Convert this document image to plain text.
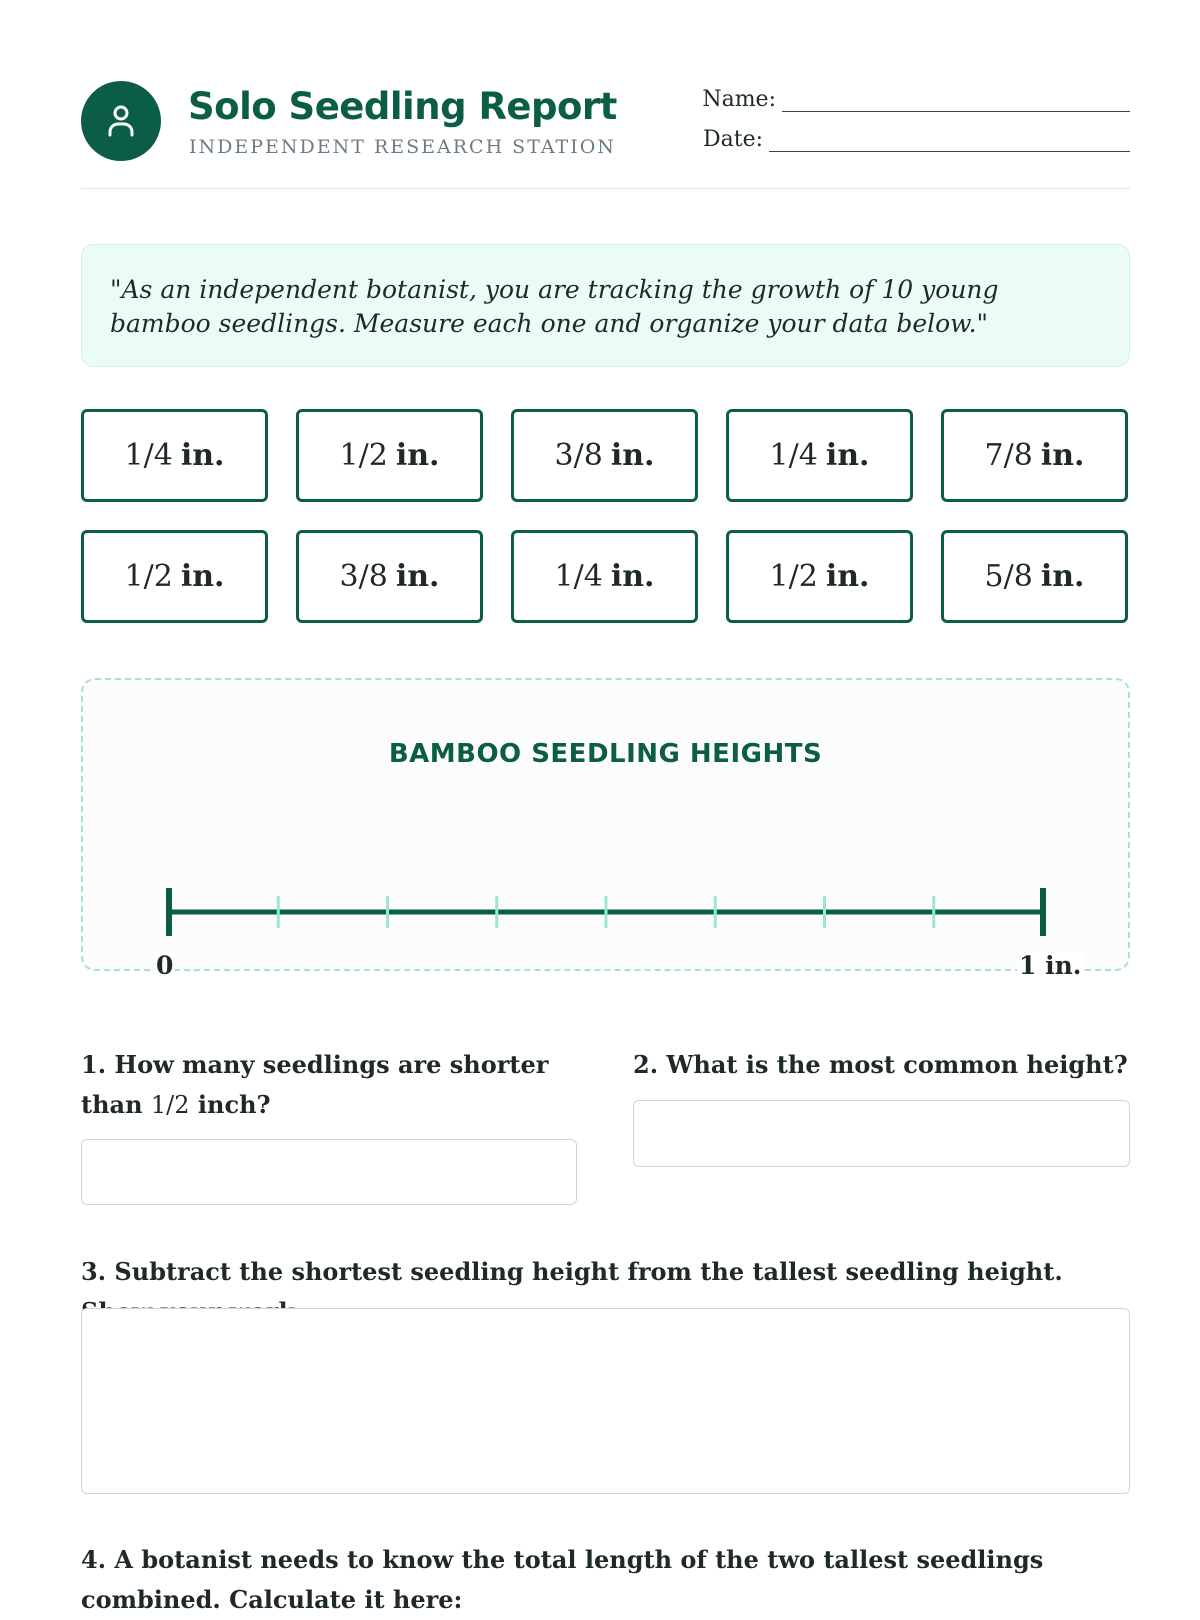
Solo Seedling Report
INDEPENDENT RESEARCH STATION
Name:
Date:
"As an independent botanist, you are tracking the growth of 10 young bamboo seedlings. Measure each one and organize your data below."
1/4 in.	1/2 in.	3/8 in.	1/4 in.	7/8 in.
1/2 in.	3/8 in.	1/4 in.	1/2 in.	5/8 in.
BAMBOO SEEDLING HEIGHTS
0	1 in.
1. How many seedlings are shorter than 1/2 inch?
2. What is the most common height?
3. Subtract the shortest seedling height from the tallest seedling height.
4. A botanist needs to know the total length of the two tallest seedlings combined. Calculate it here:
